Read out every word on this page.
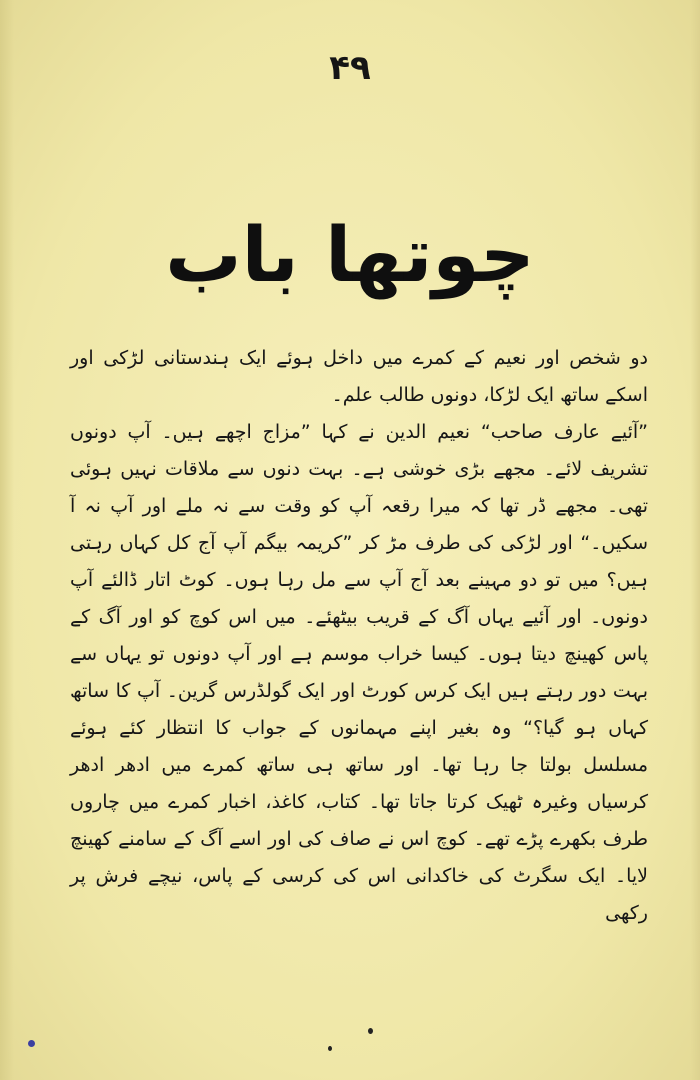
۴۹
چوتھا باب

دو شخص اور نعیم کے کمرے میں داخل ہوئے ایک ہندستانی لڑکی اور اسکے ساتھ ایک لڑکا، دونوں طالب علم۔

”آئیے عارف صاحب“ نعیم الدین نے کہا ”مزاج اچھے ہیں۔ آپ دونوں تشریف لائے۔ مجھے بڑی خوشی ہے۔ بہت دنوں سے ملاقات نہیں ہوئی تھی۔ مجھے ڈر تھا کہ میرا رقعہ آپ کو وقت سے نہ ملے اور آپ نہ آ سکیں۔“ اور لڑکی کی طرف مڑ کر ”کریمہ بیگم آپ آج کل کہاں رہتی ہیں؟ میں تو دو مہینے بعد آج آپ سے مل رہا ہوں۔ کوٹ اتار ڈالئے آپ دونوں۔ اور آئیے یہاں آگ کے قریب بیٹھئے۔ میں اس کوچ کو اور آگ کے پاس کھینچ دیتا ہوں۔ کیسا خراب موسم ہے اور آپ دونوں تو یہاں سے بہت دور رہتے ہیں ایک کرس کورٹ اور ایک گولڈرس گرین۔ آپ کا ساتھ کہاں ہو گیا؟“ وہ بغیر اپنے مہمانوں کے جواب کا انتظار کئے ہوئے مسلسل بولتا جا رہا تھا۔ اور ساتھ ہی ساتھ کمرے میں ادھر ادھر کرسیاں وغیرہ ٹھیک کرتا جاتا تھا۔ کتاب، کاغذ، اخبار کمرے میں چاروں طرف بکھرے پڑے تھے۔ کوچ اس نے صاف کی اور اسے آگ کے سامنے کھینچ لایا۔ ایک سگرٹ کی خاکدانی اس کی کرسی کے پاس، نیچے فرش پر رکھی
